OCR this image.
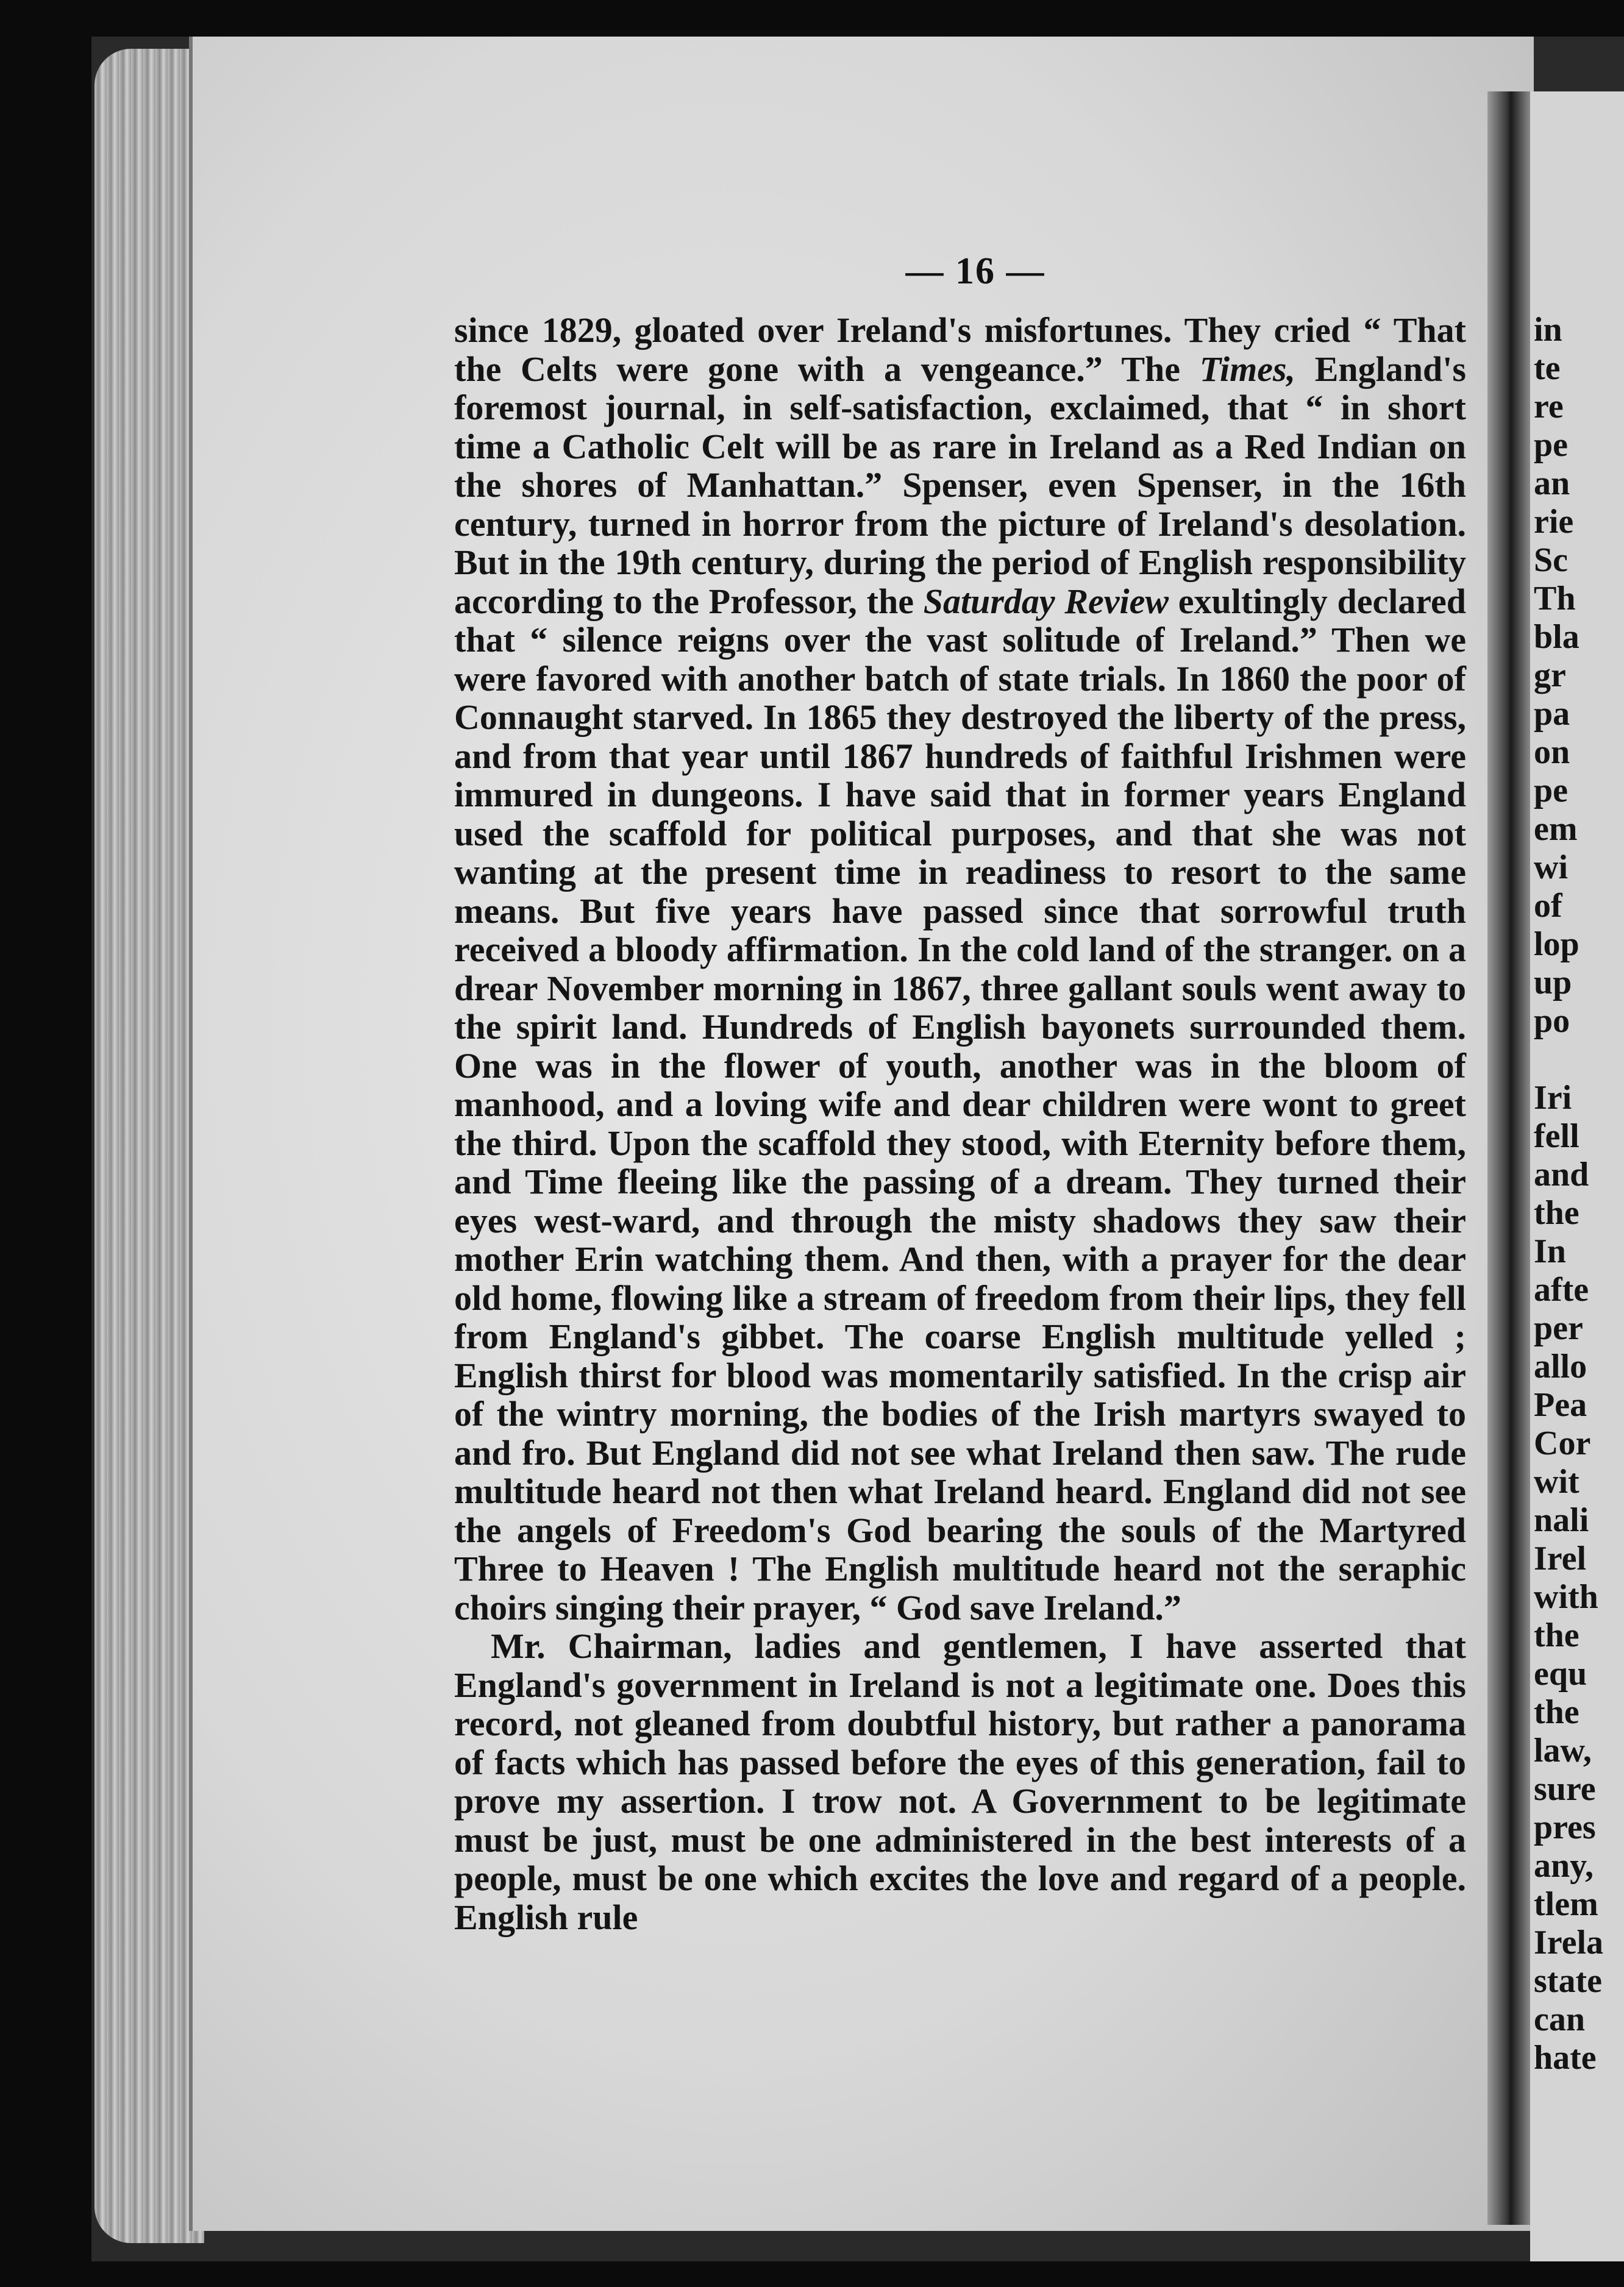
— 16 —

since 1829, gloated over Ireland's misfortunes. They cried “ That the Celts were gone with a vengeance.” The Times, England's foremost journal, in self-satisfaction, exclaimed, that “ in short time a Catholic Celt will be as rare in Ireland as a Red Indian on the shores of Manhattan.” Spenser, even Spenser, in the 16th century, turned in horror from the picture of Ireland's desolation. But in the 19th century, during the period of English responsibility according to the Professor, the Saturday Review exultingly declared that “ silence reigns over the vast solitude of Ireland.” Then we were favored with another batch of state trials. In 1860 the poor of Connaught starved. In 1865 they destroyed the liberty of the press, and from that year until 1867 hundreds of faithful Irishmen were immured in dungeons. I have said that in former years England used the scaffold for political purposes, and that she was not wanting at the present time in readiness to resort to the same means. But five years have passed since that sorrowful truth received a bloody affirmation. In the cold land of the stranger. on a drear November morning in 1867, three gallant souls went away to the spirit land. Hundreds of English bayonets surrounded them. One was in the flower of youth, another was in the bloom of manhood, and a loving wife and dear children were wont to greet the third. Upon the scaffold they stood, with Eternity before them, and Time fleeing like the passing of a dream. They turned their eyes west-ward, and through the misty shadows they saw their mother Erin watching them. And then, with a prayer for the dear old home, flowing like a stream of freedom from their lips, they fell from England's gibbet. The coarse English multitude yelled ; English thirst for blood was momentarily satisfied. In the crisp air of the wintry morning, the bodies of the Irish martyrs swayed to and fro. But England did not see what Ireland then saw. The rude multitude heard not then what Ireland heard. England did not see the angels of Freedom's God bearing the souls of the Martyred Three to Heaven ! The English multitude heard not the seraphic choirs singing their prayer, “ God save Ireland.”

Mr. Chairman, ladies and gentlemen, I have asserted that England's government in Ireland is not a legitimate one. Does this record, not gleaned from doubtful history, but rather a panorama of facts which has passed before the eyes of this generation, fail to prove my assertion. I trow not. A Government to be legitimate must be just, must be one administered in the best interests of a people, must be one which excites the love and regard of a people. English rule

in
te
re
pe
an
rie
Sc
Th
bla
gr
pa
on
pe
em
wi
of
lop
up
po

Iri
fell
and
the
In
afte
per
allo
Pea
Cor
wit
nali
Irel
with
the
equ
the
law,
sure
pres
any,
tlem
Irela
state
can
hate
